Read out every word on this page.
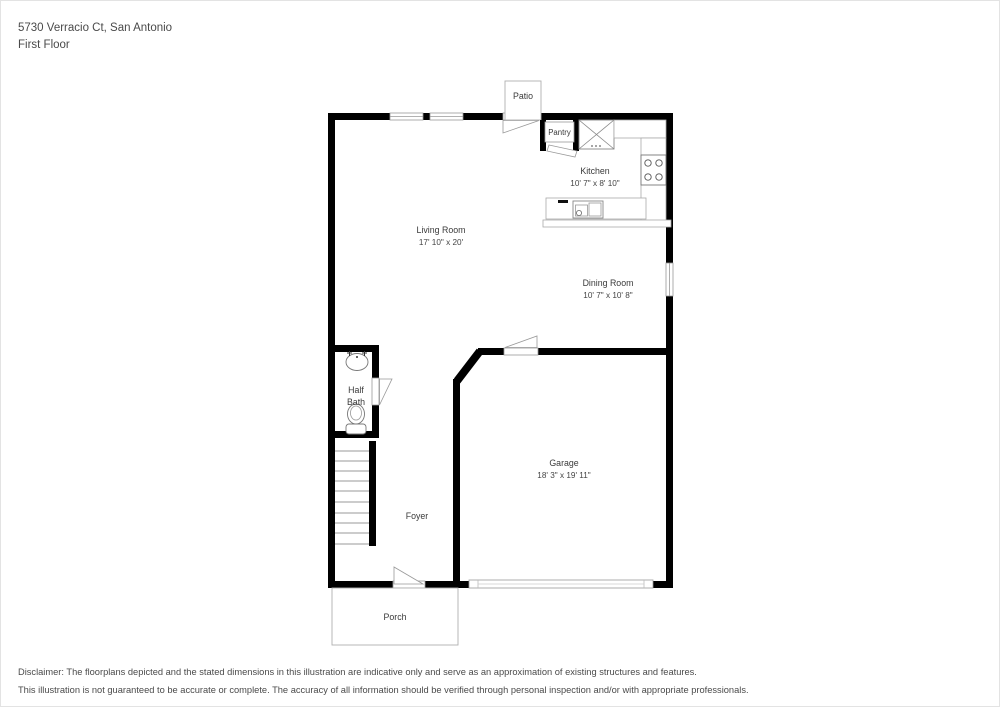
5730 Verracio Ct, San Antonio
First Floor
Patio
Half
Bath
Porch
Pantry
Living Room
17' 10" x 20'
Kitchen
10' 7" x 8' 10"
Dining Room
10' 7" x 10' 8"
Garage
18' 3" x 19' 11"
Foyer
Disclaimer: The floorplans depicted and the stated dimensions in this illustration are indicative only and serve as an approximation of existing structures and features.
This illustration is not guaranteed to be accurate or complete. The accuracy of all information should be verified through personal inspection and/or with appropriate professionals.
